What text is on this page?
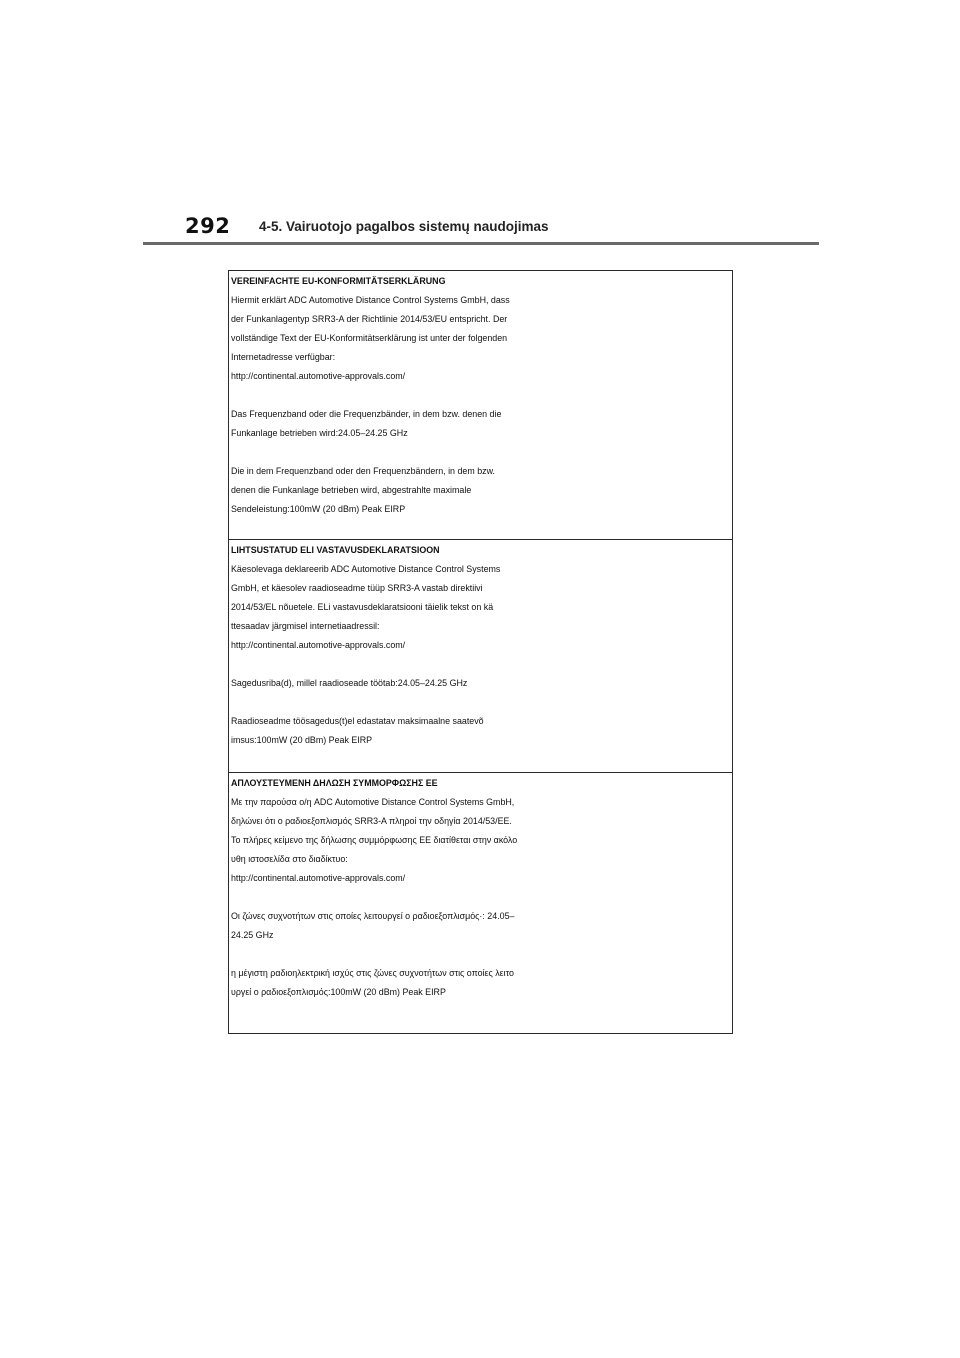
292 4-5. Vairuotojo pagalbos sistemų naudojimas
VEREINFACHTE EU-KONFORMITÄTSERKLÄRUNG
Hiermit erklärt ADC Automotive Distance Control Systems GmbH, dass
der Funkanlagentyp SRR3-A der Richtlinie 2014/53/EU entspricht. Der
vollständige Text der EU-Konformitätserklärung ist unter der folgenden
Internetadresse verfügbar:
http://continental.automotive-approvals.com/
Das Frequenzband oder die Frequenzbänder, in dem bzw. denen die
Funkanlage betrieben wird:24.05–24.25 GHz
Die in dem Frequenzband oder den Frequenzbändern, in dem bzw.
denen die Funkanlage betrieben wird, abgestrahlte maximale
Sendeleistung:100mW (20 dBm) Peak EIRP
LIHTSUSTATUD ELI VASTAVUSDEKLARATSIOON
Käesolevaga deklareerib ADC Automotive Distance Control Systems
GmbH, et käesolev raadioseadme tüüp SRR3-A vastab direktiivi
2014/53/EL nõuetele. ELi vastavusdeklaratsiooni täielik tekst on kä
ttesaadav järgmisel internetiaadressil:
http://continental.automotive-approvals.com/
Sagedusriba(d), millel raadioseade töötab:24.05–24.25 GHz
Raadioseadme töösagedus(t)el edastatav maksimaalne saatevõ
imsus:100mW (20 dBm) Peak EIRP
ΑΠΛΟΥΣΤΕΥΜΕΝΗ ΔΗΛΩΣΗ ΣΥΜΜΟΡΦΩΣΗΣ ΕΕ
Με την παρούσα ο/η ADC Automotive Distance Control Systems GmbH,
δηλώνει ότι ο ραδιοεξοπλισμός SRR3-A πληροί την οδηγία 2014/53/ΕΕ.
Το πλήρες κείμενο της δήλωσης συμμόρφωσης ΕΕ διατίθεται στην ακόλο
υθη ιστοσελίδα στο διαδίκτυο:
http://continental.automotive-approvals.com/
Οι ζώνες συχνοτήτων στις οποίες λειτουργεί ο ραδιοεξοπλισμός·: 24.05–
24.25 GHz
η μέγιστη ραδιοηλεκτρική ισχύς στις ζώνες συχνοτήτων στις οποίες λειτο
υργεί ο ραδιοεξοπλισμός:100mW (20 dBm) Peak EIRP
